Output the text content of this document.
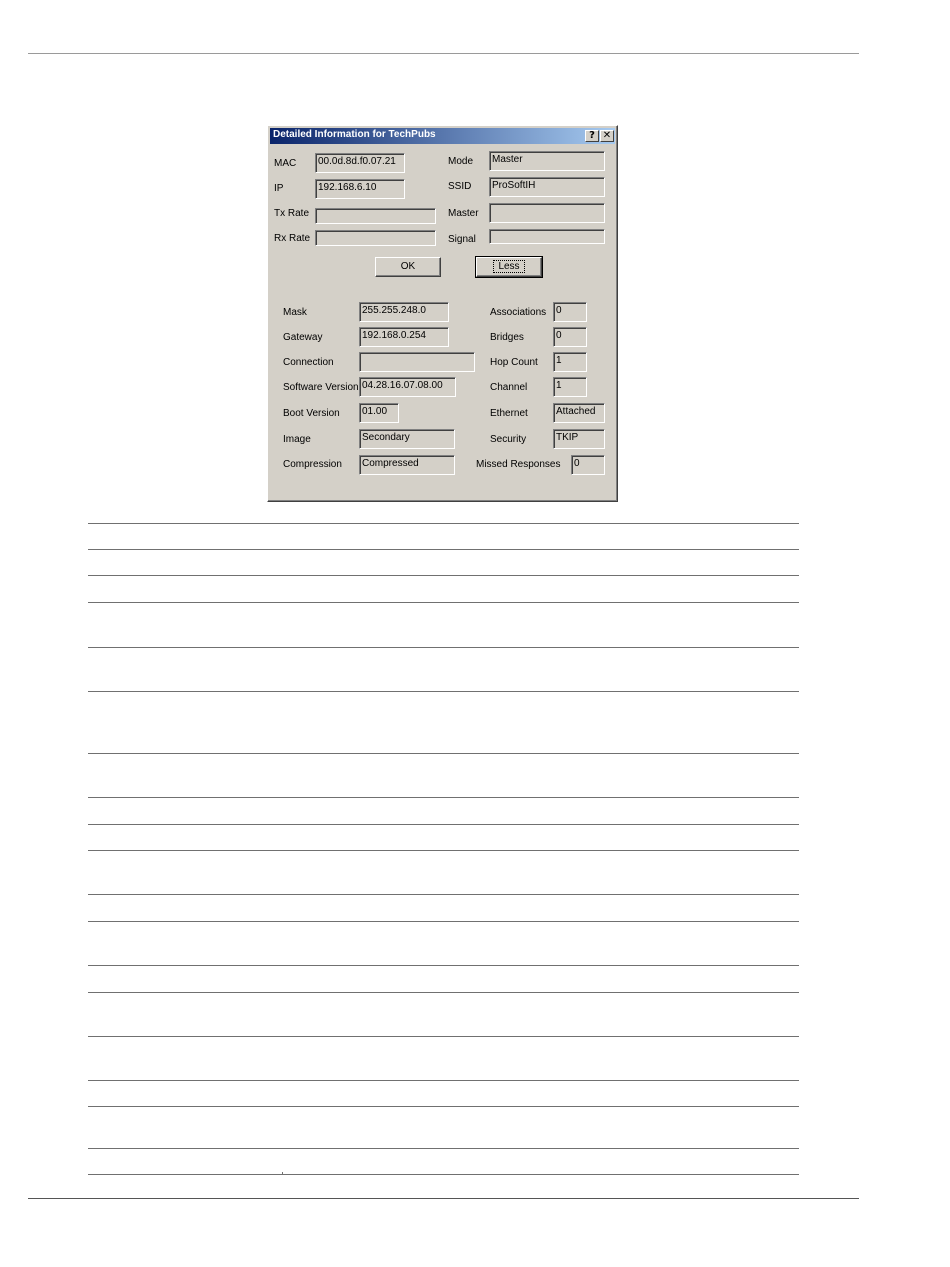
Detailed Information for TechPubs	? ✕
MAC	00.0d.8d.f0.07.21
IP	192.168.6.10
Tx Rate
Rx Rate
Mode	Master
SSID	ProSoftIH
Master
Signal
OK	Less
Mask	255.255.248.0
Gateway	192.168.0.254
Connection
Software Version 04.28.16.07.08.00
Boot Version	01.00
Image	Secondary
Compression	Compressed
Associations 0
Bridges	0
Hop Count	1
Channel	1
Ethernet	Attached
Security	TKIP
Missed Responses	0
